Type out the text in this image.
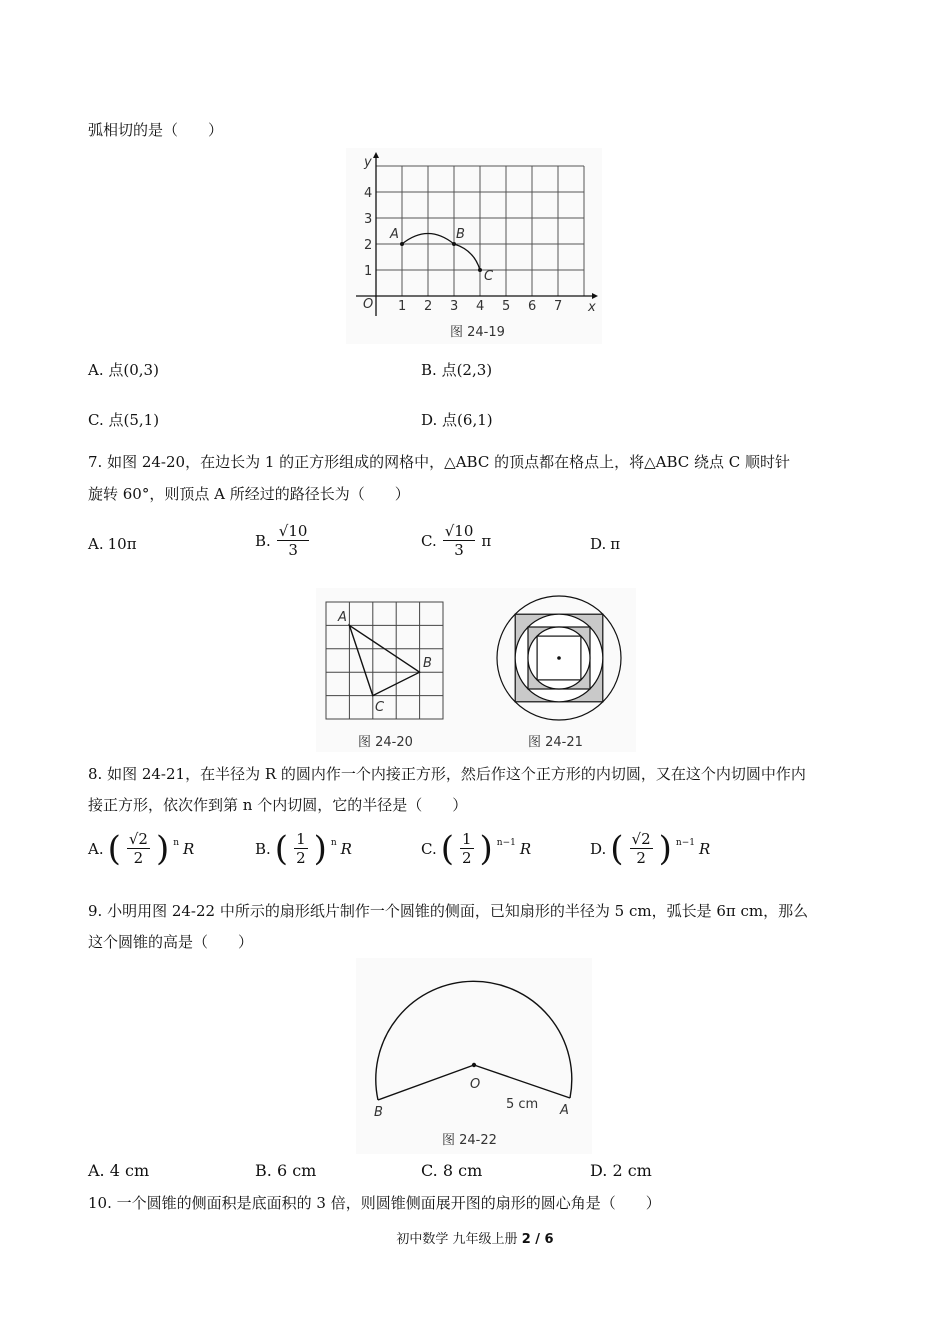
弧相切的是（　　）
A	B
C
O	x
y
1 2 3 4 5 6 7
1
2
3
4
图 24-19
A. 点(0,3)	B. 点(2,3)
C. 点(5,1)	D. 点(6,1)
7. 如图 24-20，在边长为 1 的正方形组成的网格中，△ABC 的顶点都在格点上，将△ABC 绕点 C 顺时针
旋转 60°，则顶点 A 所经过的路径长为（　　）
A. 10π	B. $\frac{√10}{3}$	C. $\frac{√10}{3}$ π	D. π
A
B
C
图 24-20	图 24-21
8. 如图 24-21，在半径为 R 的圆内作一个内接正方形，然后作这个正方形的内切圆，又在这个内切圆中作内
接正方形，依次作到第 n 个内切圆，它的半径是（　　）
A. ( $\frac{√2}{2}$ ) n R	B. ( $\frac{1}{2}$ ) n R	C. ( $\frac{1}{2}$ ) n−1 R	D. ( $\frac{√2}{2}$ ) n−1 R
9. 小明用图 24-22 中所示的扇形纸片制作一个圆锥的侧面，已知扇形的半径为 5 cm，弧长是 6π cm，那么
这个圆锥的高是（　　）
O
B	A
5 cm
图 24-22
A. 4 cm	B. 6 cm	C. 8 cm	D. 2 cm
10. 一个圆锥的侧面积是底面积的 3 倍，则圆锥侧面展开图的扇形的圆心角是（　　）
初中数学 九年级上册 2 / 6
